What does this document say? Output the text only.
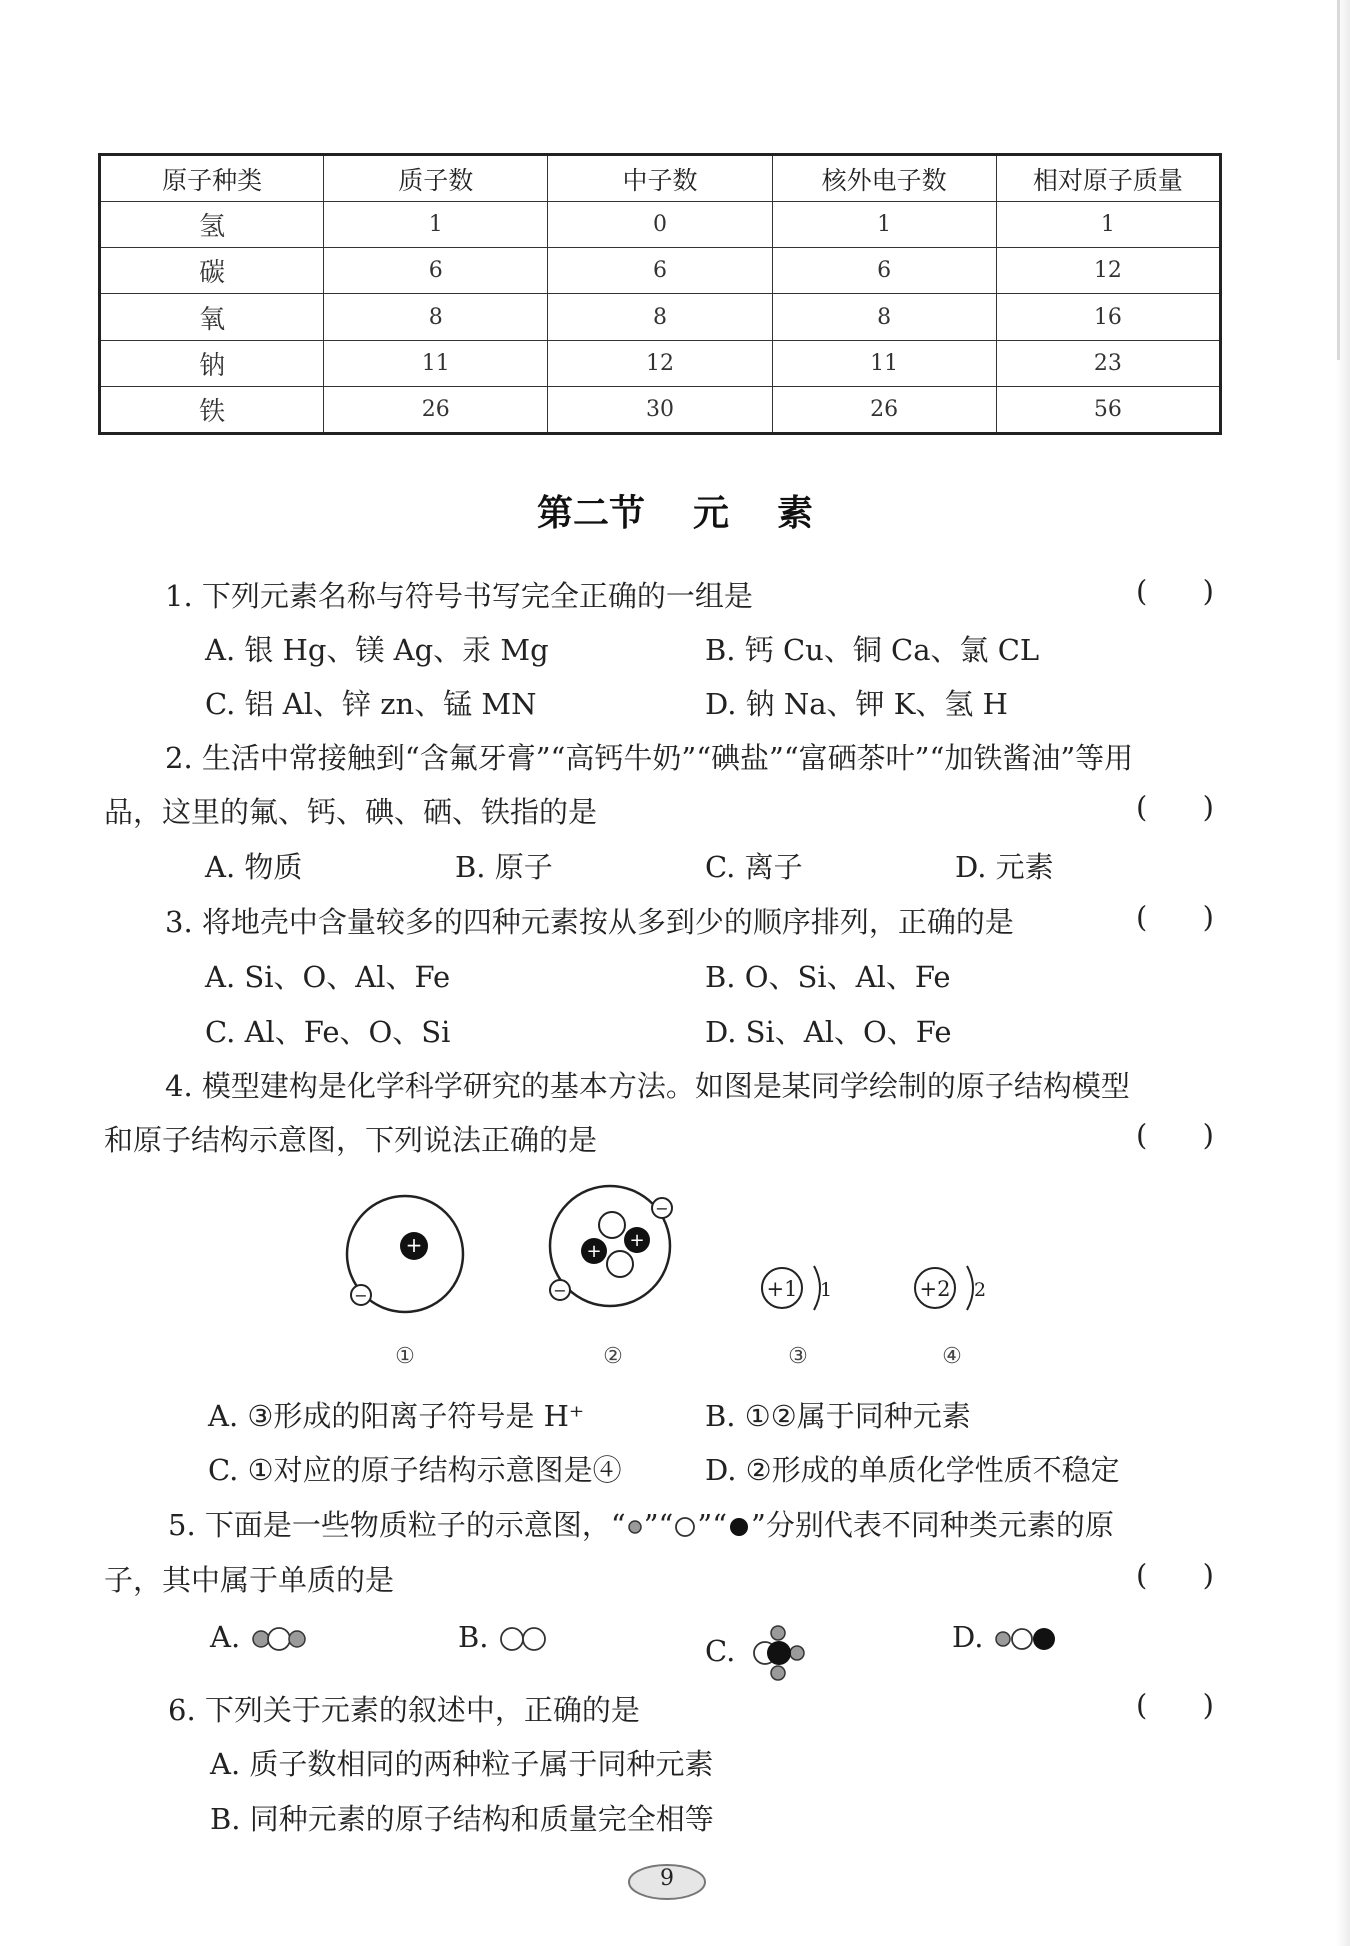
原子种类	质子数	中子数	核外电子数	相对原子质量
氢	1	0	1	1
碳	6	6	6	12
氧	8	8	8	16
钠	11	12	11	23
铁	26	30	26	56
第二节 元 素
1. 下列元素名称与符号书写完全正确的一组是	(      )
A. 银 Hg、镁 Ag、汞 Mg	B. 钙 Cu、铜 Ca、氯 CL
C. 铝 Al、锌 zn、锰 MN	D. 钠 Na、钾 K、氢 H
2. 生活中常接触到“含氟牙膏”“高钙牛奶”“碘盐”“富硒茶叶”“加铁酱油”等用
品，这里的氟、钙、碘、硒、铁指的是	(      )
A. 物质	B. 原子	C. 离子	D. 元素
3. 将地壳中含量较多的四种元素按从多到少的顺序排列，正确的是	(      )
A. Si、O、Al、Fe	B. O、Si、Al、Fe
C. Al、Fe、O、Si	D. Si、Al、O、Fe
4. 模型建构是化学科学研究的基本方法。如图是某同学绘制的原子结构模型
和原子结构示意图，下列说法正确的是	(      )
+
−
+
+
−
−	+1 1	+2 2
①	②	③	④
A. ③形成的阳离子符号是 H⁺	B. ①②属于同种元素
C. ①对应的原子结构示意图是④	D. ②形成的单质化学性质不稳定
5. 下面是一些物质粒子的示意图，“ ”“ ”“ ”分别代表不同种类元素的原
子，其中属于单质的是	(      )
A.	B.	C.	D.
6. 下列关于元素的叙述中，正确的是	(      )
A. 质子数相同的两种粒子属于同种元素
B. 同种元素的原子结构和质量完全相等
9
